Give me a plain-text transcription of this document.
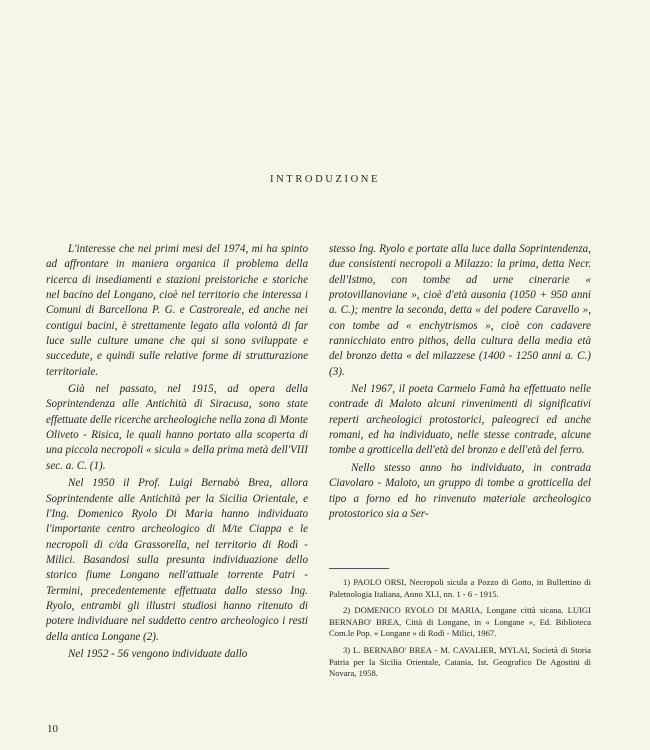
INTRODUZIONE

L'interesse che nei primi mesi del 1974, mi ha spinto ad affrontare in maniera organica il problema della ricerca di insediamenti e stazioni preistoriche e storiche nel bacino del Longano, cioè nel territorio che interessa i Comuni di Barcellona P. G. e Castroreale, ed anche nei contigui bacini, è strettamente legato alla volontà di far luce sulle culture umane che qui si sono sviluppate e succedute, e quindi sulle relative forme di strutturazione territoriale.

Già nel passato, nel 1915, ad opera della Soprintendenza alle Antichità di Siracusa, sono state effettuate delle ricerche archeologiche nella zona di Monte Oliveto - Risica, le quali hanno portato alla scoperta di una piccola necropoli « sicula » della prima metà dell'VIII sec. a. C. (1).

Nel 1950 il Prof. Luigi Bernabò Brea, allora Soprintendente alle Antichità per la Sicilia Orientale, e l'Ing. Domenico Ryolo Di Maria hanno individuato l'importante centro archeologico di M/te Ciappa e le necropoli di c/da Grassorella, nel territorio di Rodì - Milici. Basandosi sulla presunta individuazione dello storico fiume Longano nell'attuale torrente Patri - Termini, precedentemente effettuata dallo stesso Ing. Ryolo, entrambi gli illustri studiosi hanno ritenuto di potere individuare nel suddetto centro archeologico i resti della antica Longane (2).

Nel 1952 - 56 vengono individuate dallo

stesso Ing. Ryolo e portate alla luce dalla Soprintendenza, due consistenti necropoli a Milazzo: la prima, detta Necr. dell'Istmo, con tombe ad urne cinerarie « protovillanoviane », cioè d'età ausonia (1050 + 950 anni a. C.); mentre la seconda, detta « del podere Caravello », con tombe ad « enchytrismos », cioè con cadavere rannicchiato entro pithos, della cultura della media età del bronzo detta « del milazzese (1400 - 1250 anni a. C.) (3).

Nel 1967, il poeta Carmelo Famà ha effettuato nelle contrade di Maloto alcuni rinvenimenti di significativi reperti archeologici protostorici, paleogreci ed anche romani, ed ha individuato, nelle stesse contrade, alcune tombe a grotticella dell'età del bronzo e dell'età del ferro.

Nello stesso anno ho individuato, in contrada Ciavolaro - Maloto, un gruppo di tombe a grotticella del tipo a forno ed ho rinvenuto materiale archeologico protostorico sia a Ser-

1) PAOLO ORSI, Necropoli sicula a Pozzo di Gotto, in Bullettino di Paletnologia Italiana, Anno XLI, nn. 1 - 6 - 1915.

2) DOMENICO RYOLO DI MARIA, Longane città sicana. LUIGI BERNABO' BREA, Città di Longane, in « Longane », Ed. Biblioteca Com.le Pop. « Longane » di Rodì - Milici, 1967.

3) L. BERNABO' BREA - M. CAVALIER, MYLAI, Società di Storia Patria per la Sicilia Orientale, Catania, Ist. Geografico De Agostini di Novara, 1958.

10
